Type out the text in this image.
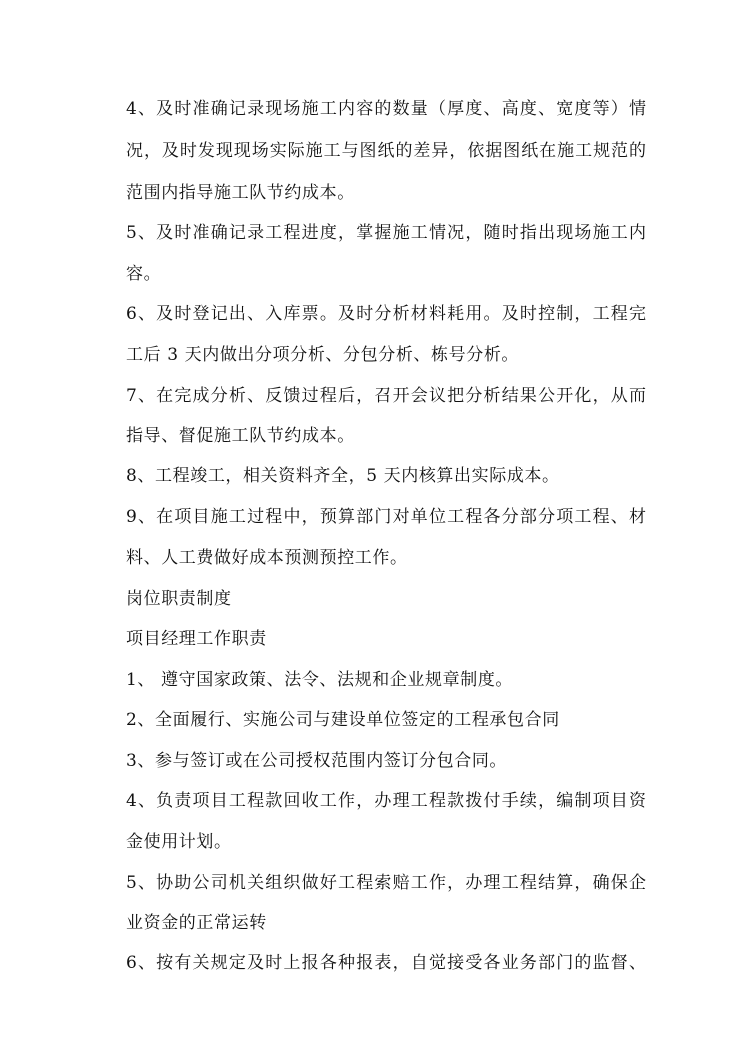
4、及时准确记录现场施工内容的数量（厚度、高度、宽度等）情
况，及时发现现场实际施工与图纸的差异，依据图纸在施工规范的
范围内指导施工队节约成本。
5、及时准确记录工程进度，掌握施工情况，随时指出现场施工内
容。
6、及时登记出、入库票。及时分析材料耗用。及时控制，工程完
工后 3 天内做出分项分析、分包分析、栋号分析。
7、在完成分析、反馈过程后，召开会议把分析结果公开化，从而
指导、督促施工队节约成本。
8、工程竣工，相关资料齐全，5 天内核算出实际成本。
9、在项目施工过程中，预算部门对单位工程各分部分项工程、材
料、人工费做好成本预测预控工作。
岗位职责制度
项目经理工作职责
1、 遵守国家政策、法令、法规和企业规章制度。
2、全面履行、实施公司与建设单位签定的工程承包合同
3、参与签订或在公司授权范围内签订分包合同。
4、负责项目工程款回收工作，办理工程款拨付手续，编制项目资
金使用计划。
5、协助公司机关组织做好工程索赔工作，办理工程结算，确保企
业资金的正常运转
6、按有关规定及时上报各种报表，自觉接受各业务部门的监督、
